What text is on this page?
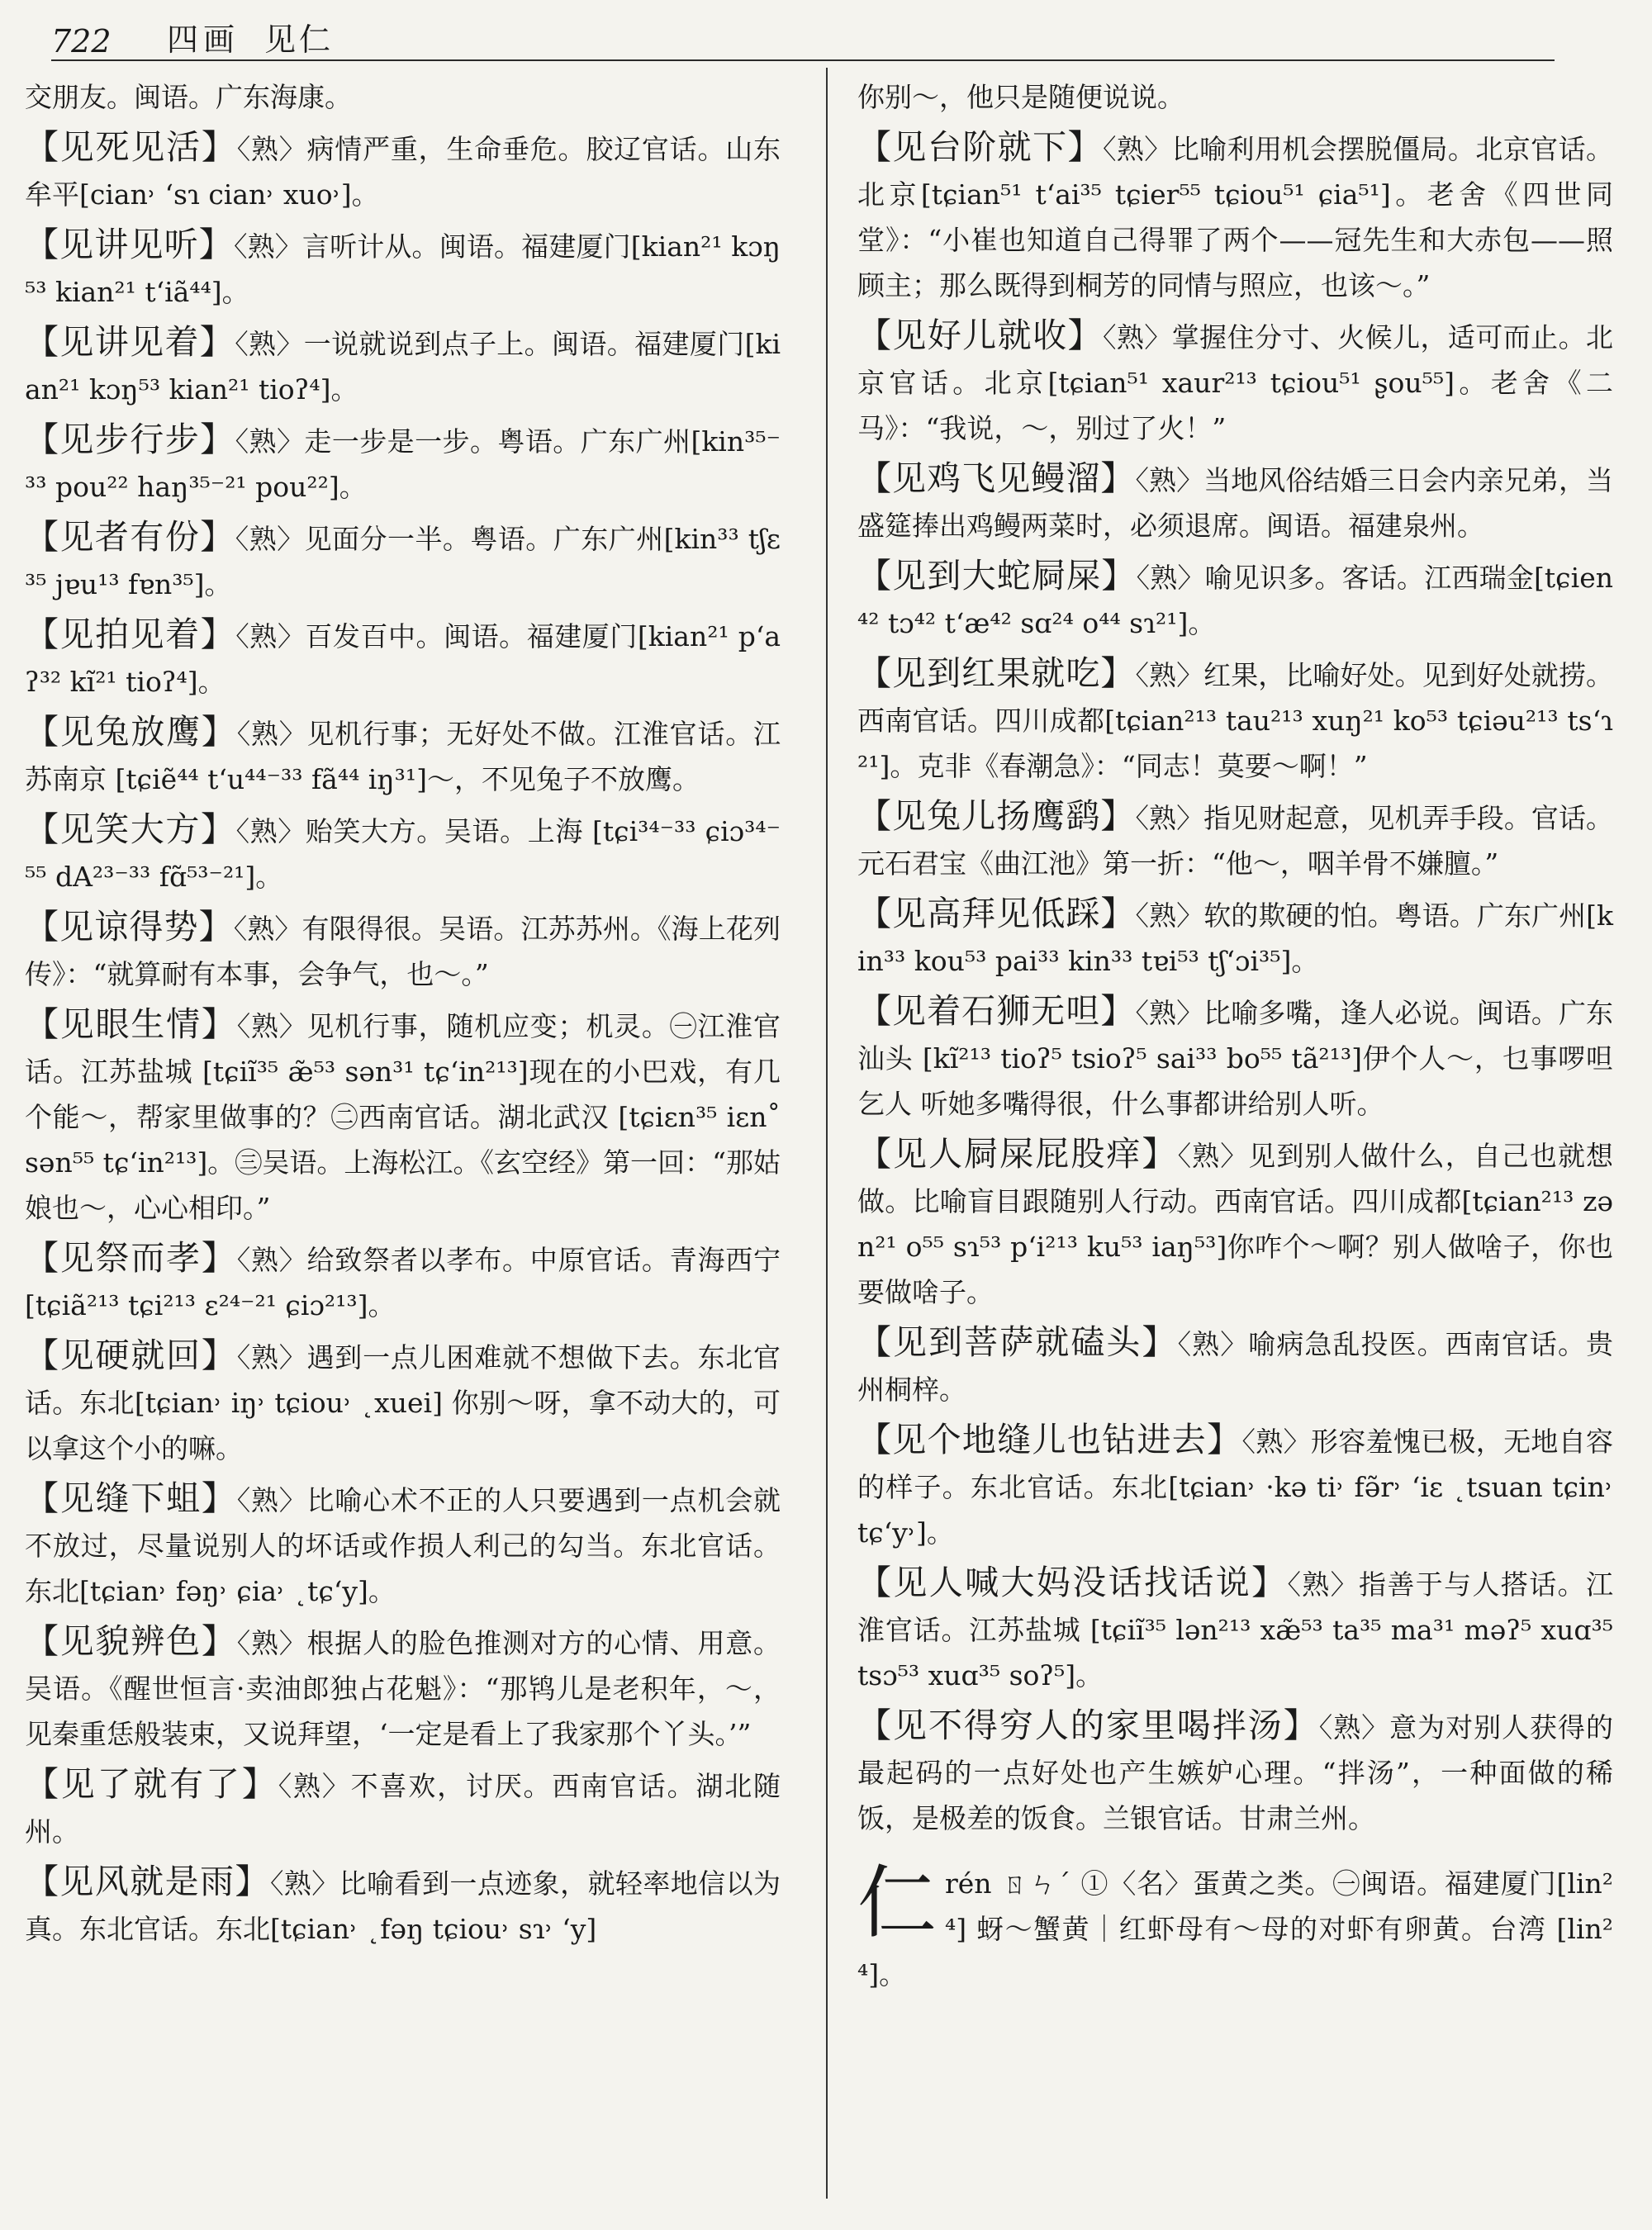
722	四画 见仁
交朋友。闽语。广东海康。
【见死见活】〈熟〉病情严重，生命垂危。胶辽官话。山东牟平[cian˒ ʻsɿ cian˒ xuo˒]。
【见讲见听】〈熟〉言听计从。闽语。福建厦门[kian²¹ kɔŋ⁵³ kian²¹ tʻiã⁴⁴]。
【见讲见着】〈熟〉一说就说到点子上。闽语。福建厦门[kian²¹ kɔŋ⁵³ kian²¹ tioʔ⁴]。
【见步行步】〈熟〉走一步是一步。粤语。广东广州[kin³⁵⁻³³ pou²² haŋ³⁵⁻²¹ pou²²]。
【见者有份】〈熟〉见面分一半。粤语。广东广州[kin³³ tʃɛ³⁵ jɐu¹³ fɐn³⁵]。
【见拍见着】〈熟〉百发百中。闽语。福建厦门[kian²¹ pʻaʔ³² kĩ²¹ tioʔ⁴]。
【见兔放鹰】〈熟〉见机行事；无好处不做。江淮官话。江苏南京 [tɕiẽ⁴⁴ tʻu⁴⁴⁻³³ fã⁴⁴ iŋ³¹]～，不见兔子不放鹰。
【见笑大方】〈熟〉贻笑大方。吴语。上海 [tɕi³⁴⁻³³ ɕiɔ³⁴⁻⁵⁵ dA²³⁻³³ fɑ̃⁵³⁻²¹]。
【见谅得势】〈熟〉有限得很。吴语。江苏苏州。《海上花列传》：“就算耐有本事，会争气，也～。”
【见眼生情】〈熟〉见机行事，随机应变；机灵。㊀江淮官话。江苏盐城 [tɕiĩ³⁵ æ̃⁵³ sən³¹ tɕʻin²¹³]现在的小巴戏，有几个能～，帮家里做事的？㊁西南官话。湖北武汉 [tɕiɛn³⁵ iɛn˚ sən⁵⁵ tɕʻin²¹³]。㊂吴语。上海松江。《玄空经》第一回：“那姑娘也～，心心相印。”
【见祭而孝】〈熟〉给致祭者以孝布。中原官话。青海西宁 [tɕiã²¹³ tɕi²¹³ ɛ²⁴⁻²¹ ɕiɔ²¹³]。
【见硬就回】〈熟〉遇到一点儿困难就不想做下去。东北官话。东北[tɕian˒ iŋ˒ tɕiou˒ ˛xuei] 你别～呀，拿不动大的，可以拿这个小的嘛。
【见缝下蛆】〈熟〉比喻心术不正的人只要遇到一点机会就不放过，尽量说别人的坏话或作损人利己的勾当。东北官话。东北[tɕian˒ fəŋ˒ ɕia˒ ˛tɕʻy]。
【见貌辨色】〈熟〉根据人的脸色推测对方的心情、用意。吴语。《醒世恒言·卖油郎独占花魁》：“那鸨儿是老积年，～，见秦重恁般装束，又说拜望，‘一定是看上了我家那个丫头。’”
【见了就有了】〈熟〉不喜欢，讨厌。西南官话。湖北随州。
【见风就是雨】〈熟〉比喻看到一点迹象，就轻率地信以为真。东北官话。东北[tɕian˒ ˛fəŋ tɕiou˒ sɿ˒ ʻy]
你别～，他只是随便说说。
【见台阶就下】〈熟〉比喻利用机会摆脱僵局。北京官话。北京[tɕian⁵¹ tʻai³⁵ tɕier⁵⁵ tɕiou⁵¹ ɕia⁵¹]。老舍《四世同堂》：“小崔也知道自己得罪了两个——冠先生和大赤包——照顾主；那么既得到桐芳的同情与照应，也该～。”
【见好儿就收】〈熟〉掌握住分寸、火候儿，适可而止。北京官话。北京[tɕian⁵¹ xaur²¹³ tɕiou⁵¹ ʂou⁵⁵]。老舍《二马》：“我说，～，别过了火！”
【见鸡飞见鳗溜】〈熟〉当地风俗结婚三日会内亲兄弟，当盛筵捧出鸡鳗两菜时，必须退席。闽语。福建泉州。
【见到大蛇屙屎】〈熟〉喻见识多。客话。江西瑞金[tɕien⁴² tɔ⁴² tʻæ⁴² sɑ²⁴ o⁴⁴ sɿ²¹]。
【见到红果就吃】〈熟〉红果，比喻好处。见到好处就捞。西南官话。四川成都[tɕian²¹³ tau²¹³ xuŋ²¹ ko⁵³ tɕiəu²¹³ tsʻɿ²¹]。克非《春潮急》：“同志！莫要～啊！”
【见兔儿扬鹰鹞】〈熟〉指见财起意，见机弄手段。官话。元石君宝《曲江池》第一折：“他～，咽羊骨不嫌膻。”
【见高拜见低踩】〈熟〉软的欺硬的怕。粤语。广东广州[kin³³ kou⁵³ pai³³ kin³³ tɐi⁵³ tʃʻɔi³⁵]。
【见着石狮无呾】〈熟〉比喻多嘴，逢人必说。闽语。广东汕头 [kĩ²¹³ tioʔ⁵ tsioʔ⁵ sai³³ bo⁵⁵ tã²¹³]伊个人～，乜事啰呾乞人 听她多嘴得很，什么事都讲给别人听。
【见人屙屎屁股痒】〈熟〉见到别人做什么，自己也就想做。比喻盲目跟随别人行动。西南官话。四川成都[tɕian²¹³ zən²¹ o⁵⁵ sɿ⁵³ pʻi²¹³ ku⁵³ iaŋ⁵³]你咋个～啊？别人做啥子，你也要做啥子。
【见到菩萨就磕头】〈熟〉喻病急乱投医。西南官话。贵州桐梓。
【见个地缝儿也钻进去】〈熟〉形容羞愧已极，无地自容的样子。东北官话。东北[tɕian˒ ·kə ti˒ fə̃r˒ ʻiɛ ˛tsuan tɕin˒ tɕʻy˒]。
【见人喊大妈没话找话说】〈熟〉指善于与人搭话。江淮官话。江苏盐城 [tɕiĩ³⁵ lən²¹³ xæ̃⁵³ ta³⁵ ma³¹ məʔ⁵ xuɑ³⁵ tsɔ⁵³ xuɑ³⁵ soʔ⁵]。
【见不得穷人的家里喝拌汤】〈熟〉意为对别人获得的最起码的一点好处也产生嫉妒心理。“拌汤”，一种面做的稀饭，是极差的饭食。兰银官话。甘肃兰州。
仁rén ㄖㄣˊ ①〈名〉蛋黄之类。㊀闽语。福建厦门[lin²⁴] 蚜～蟹黄｜红虾母有～母的对虾有卵黄。台湾 [lin²⁴]。
